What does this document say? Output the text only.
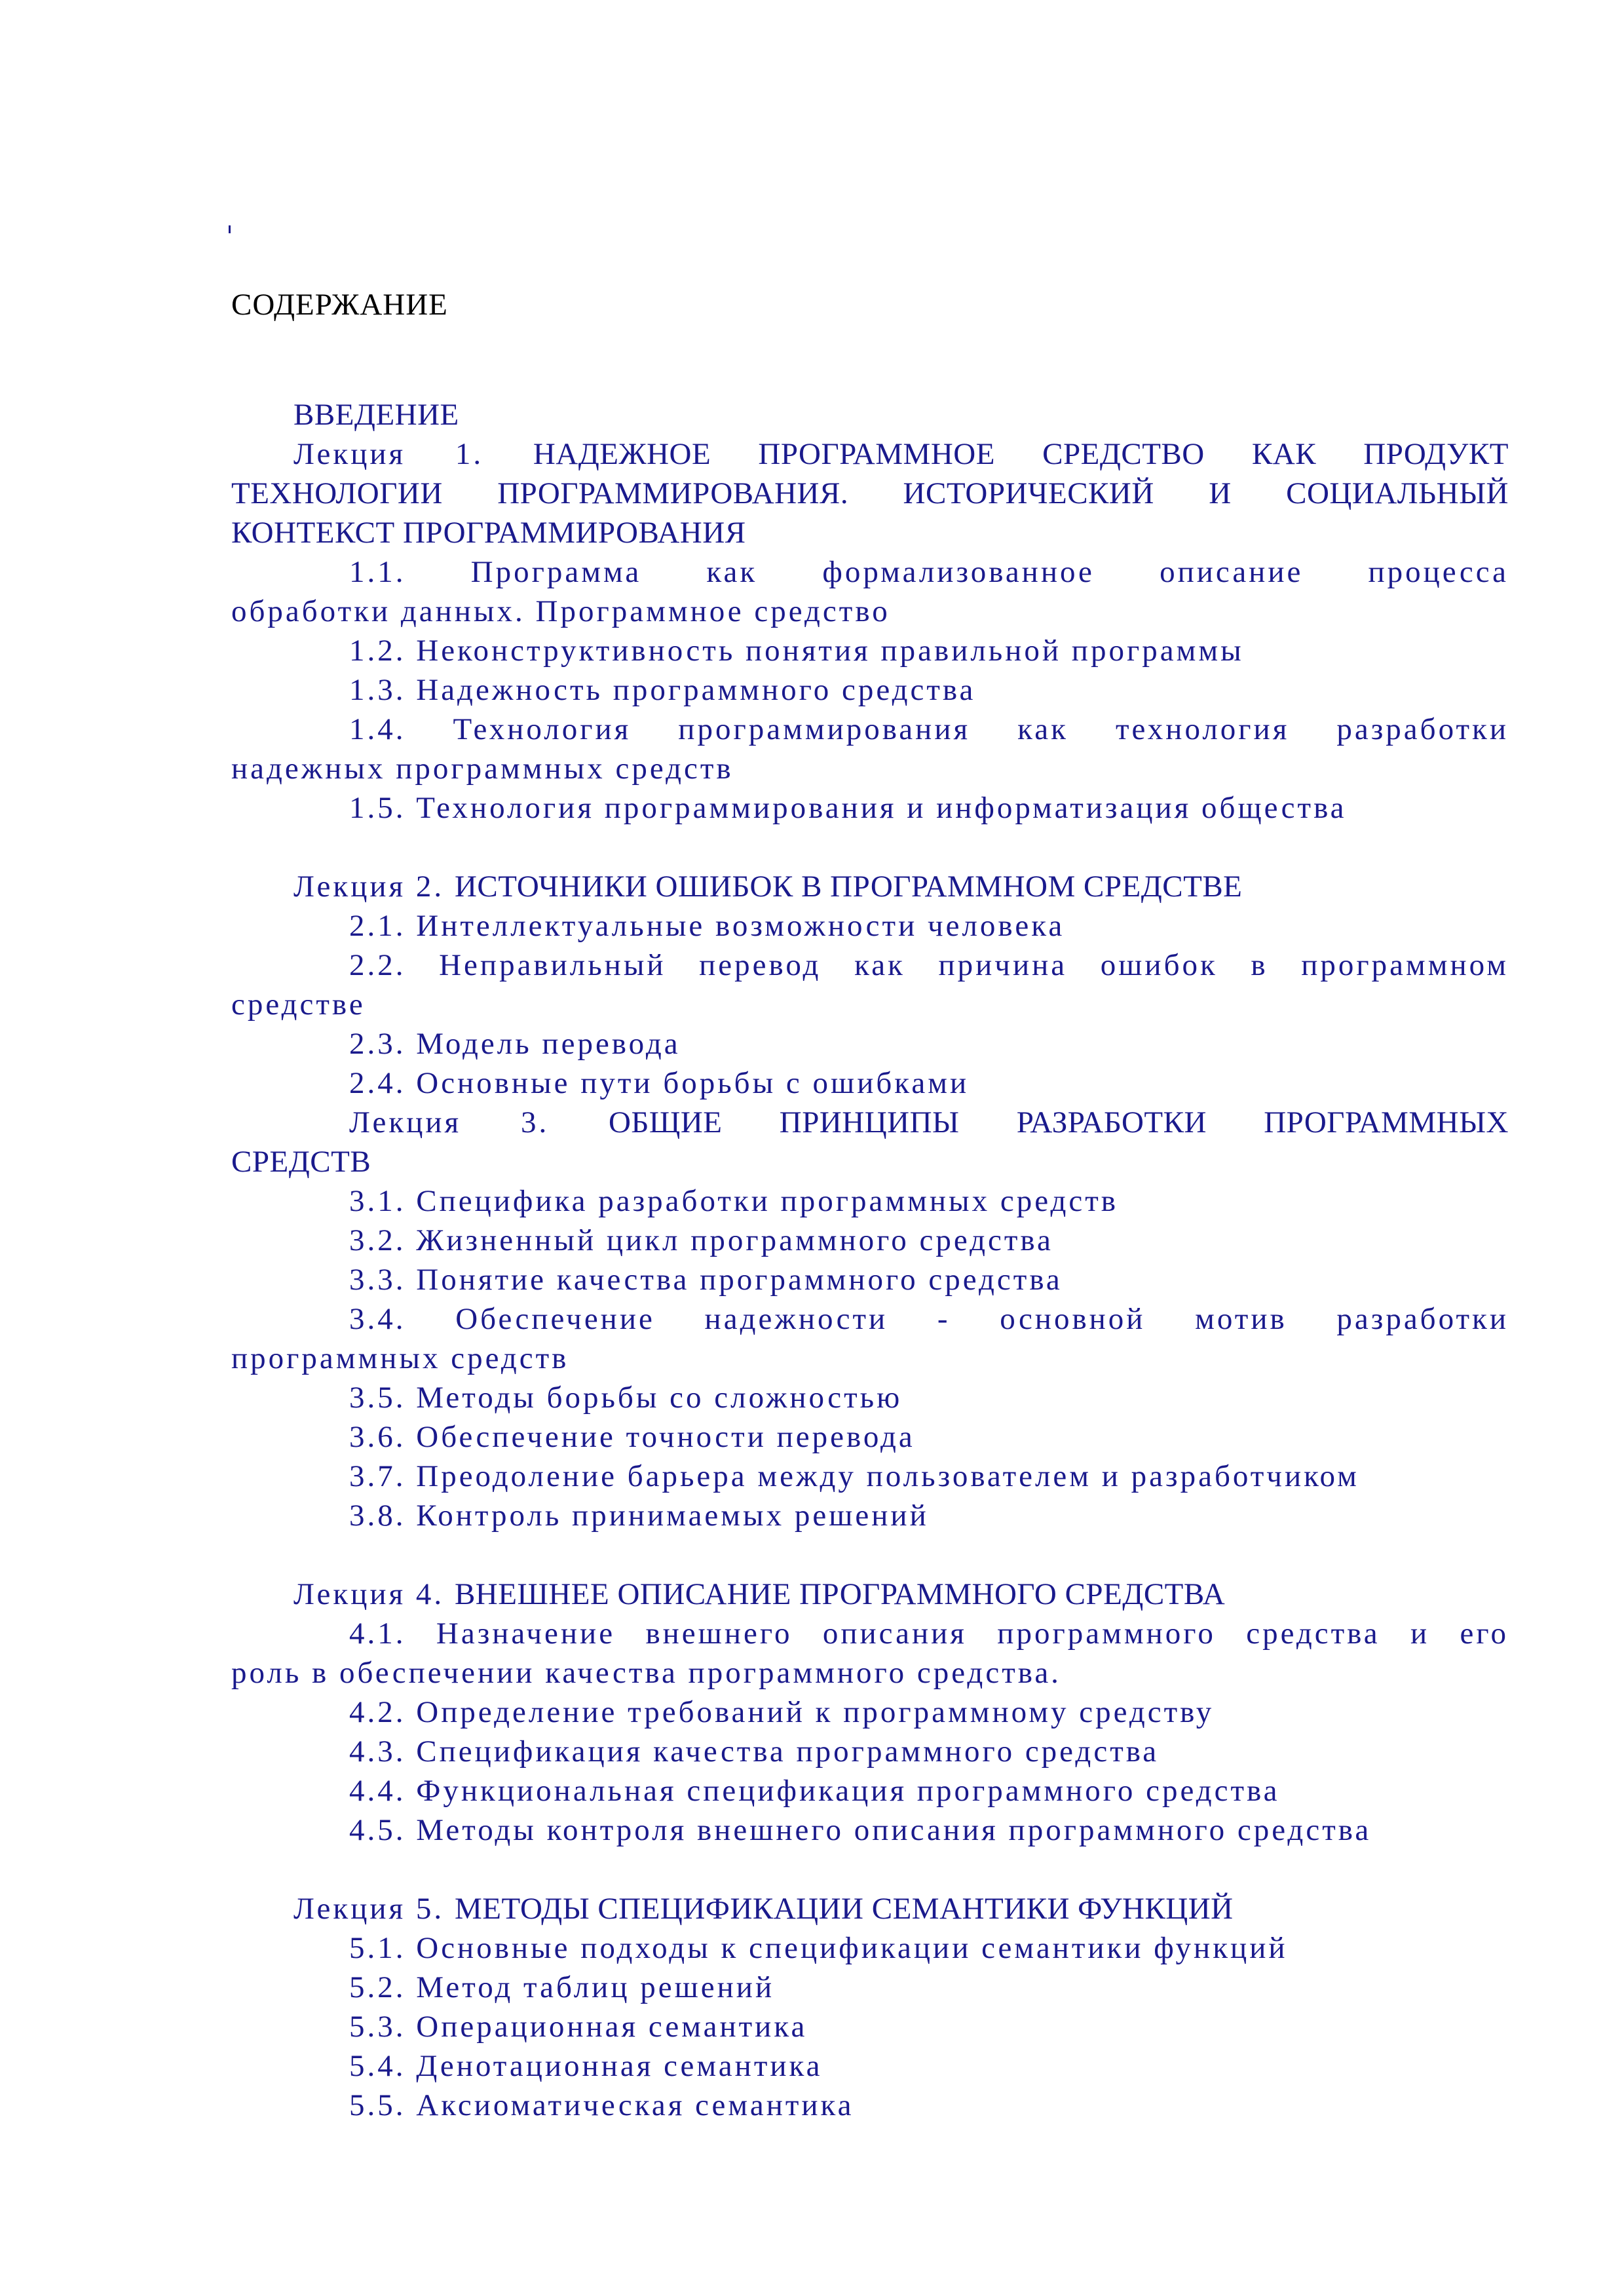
СОДЕРЖАНИЕ
ВВЕДЕНИЕ
Лекция 1. НАДЕЖНОЕ ПРОГРАММНОЕ СРЕДСТВО КАК ПРОДУКТ
ТЕХНОЛОГИИ ПРОГРАММИРОВАНИЯ. ИСТОРИЧЕСКИЙ И СОЦИАЛЬНЫЙ
КОНТЕКСТ ПРОГРАММИРОВАНИЯ
1.1. Программа как формализованное описание процесса
обработки данных. Программное средство
1.2. Неконструктивность понятия правильной программы
1.3. Надежность программного средства
1.4. Технология программирования как технология разработки
надежных программных средств
1.5. Технология программирования и информатизация общества
Лекция 2. ИСТОЧНИКИ ОШИБОК В ПРОГРАММНОМ СРЕДСТВЕ
2.1. Интеллектуальные возможности человека
2.2. Неправильный перевод как причина ошибок в программном
средстве
2.3. Модель перевода
2.4. Основные пути борьбы с ошибками
Лекция 3. ОБЩИЕ ПРИНЦИПЫ РАЗРАБОТКИ ПРОГРАММНЫХ
СРЕДСТВ
3.1. Специфика разработки программных средств
3.2. Жизненный цикл программного средства
3.3. Понятие качества программного средства
3.4. Обеспечение надежности - основной мотив разработки
программных средств
3.5. Методы борьбы со сложностью
3.6. Обеспечение точности перевода
3.7. Преодоление барьера между пользователем и разработчиком
3.8. Контроль принимаемых решений
Лекция 4. ВНЕШНЕЕ ОПИСАНИЕ ПРОГРАММНОГО СРЕДСТВА
4.1. Назначение внешнего описания программного средства и его
роль в обеспечении качества программного средства.
4.2. Определение требований к программному средству
4.3. Спецификация качества программного средства
4.4. Функциональная спецификация программного средства
4.5. Методы контроля внешнего описания программного средства
Лекция 5. МЕТОДЫ СПЕЦИФИКАЦИИ СЕМАНТИКИ ФУНКЦИЙ
5.1. Основные подходы к спецификации семантики функций
5.2. Метод таблиц решений
5.3. Операционная семантика
5.4. Денотационная семантика
5.5. Аксиоматическая семантика
